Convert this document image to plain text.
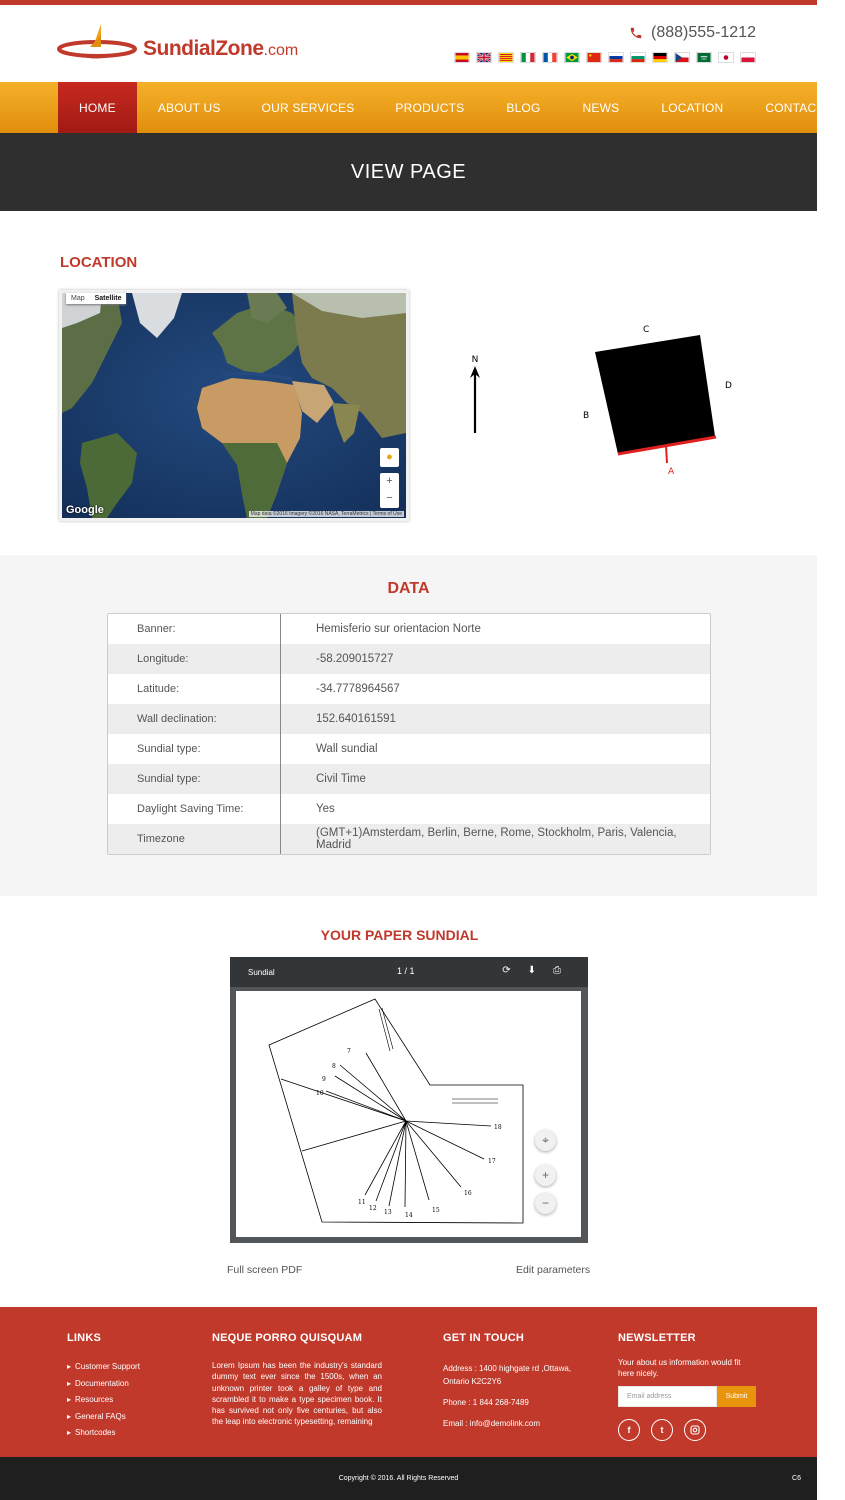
SundialZone.com
(888)555-1212
HOME	ABOUT US	OUR SERVICES	PRODUCTS	BLOG	NEWS	LOCATION	CONTACT
VIEW PAGE
LOCATION
Map	Satellite
●
+
−
Google	Map data ©2016 Imagery ©2016 NASA, TerraMetrics | Terms of Use
N
C
D
B
A
DATA
Banner:	Hemisferio sur orientacion Norte
Longitude:	-58.209015727
Latitude:	-34.7778964567
Wall declination:	152.640161591
Sundial type:	Wall sundial
Sundial type:	Civil Time
Daylight Saving Time:	Yes
Timezone	(GMT+1)Amsterdam, Berlin, Berne, Rome, Stockholm, Paris, Valencia, Madrid
YOUR PAPER SUNDIAL
Sundial	1 / 1	⟳ ⬇ ⎙
11
12
13 14
15
16
17
18
7
8
9
10
⌖
+
−
Full screen PDF	Edit parameters
LINKS
▸ Customer Support
▸ Documentation
▸ Resources
▸ General FAQs
▸ Shortcodes
NEQUE PORRO QUISQUAM
Lorem Ipsum has been the industry's standard dummy text ever since the 1500s, when an unknown printer took a galley of type and scrambled it to make a type specimen book. It has survived not only five centuries, but also the leap into electronic typesetting, remaining
GET IN TOUCH

Address : 1400 highgate rd ,Ottawa, Ontario K2C2Y6

Phone : 1 844 268-7489

Email : info@demolink.com

NEWSLETTER
Your about us information would fit here nicely.
Email address	Submit
f	t
Copyright © 2016. All Rights Reserved	C6
